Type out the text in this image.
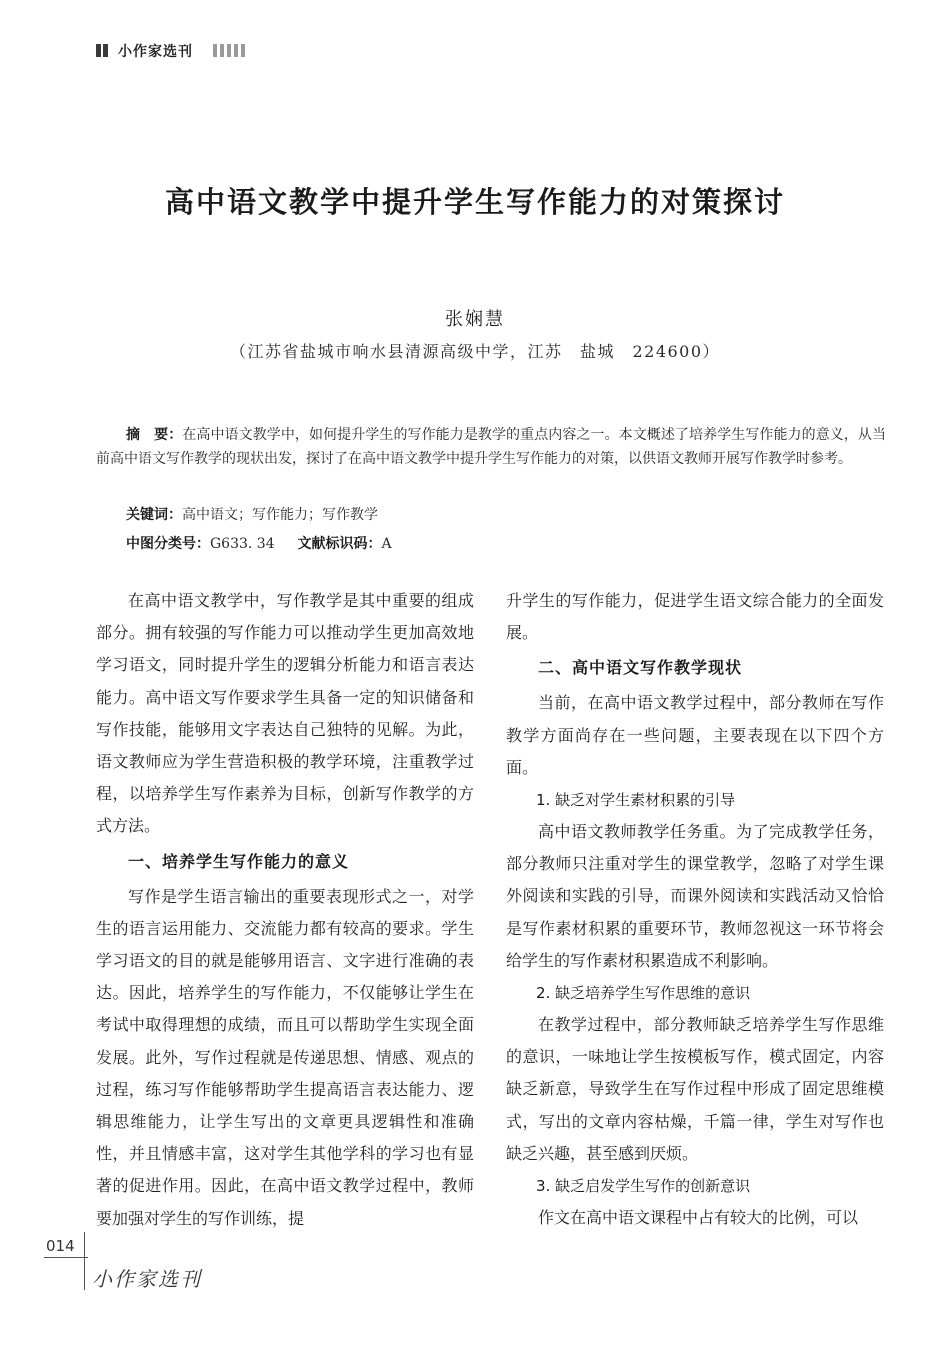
小作家选刊
高中语文教学中提升学生写作能力的对策探讨
张娴慧
（江苏省盐城市响水县清源高级中学，江苏　盐城　224600）
摘　要：在高中语文教学中，如何提升学生的写作能力是教学的重点内容之一。本文概述了培养学生写作能力的意义，从当前高中语文写作教学的现状出发，探讨了在高中语文教学中提升学生写作能力的对策，以供语文教师开展写作教学时参考。
关键词：高中语文；写作能力；写作教学
中图分类号：G633. 34 文献标识码：A

在高中语文教学中，写作教学是其中重要的组成部分。拥有较强的写作能力可以推动学生更加高效地学习语文，同时提升学生的逻辑分析能力和语言表达能力。高中语文写作要求学生具备一定的知识储备和写作技能，能够用文字表达自己独特的见解。为此，语文教师应为学生营造积极的教学环境，注重教学过程，以培养学生写作素养为目标，创新写作教学的方式方法。

一、培养学生写作能力的意义

写作是学生语言输出的重要表现形式之一，对学生的语言运用能力、交流能力都有较高的要求。学生学习语文的目的就是能够用语言、文字进行准确的表达。因此，培养学生的写作能力，不仅能够让学生在考试中取得理想的成绩，而且可以帮助学生实现全面发展。此外，写作过程就是传递思想、情感、观点的过程，练习写作能够帮助学生提高语言表达能力、逻辑思维能力，让学生写出的文章更具逻辑性和准确性，并且情感丰富，这对学生其他学科的学习也有显著的促进作用。因此，在高中语文教学过程中，教师要加强对学生的写作训练，提

升学生的写作能力，促进学生语文综合能力的全面发展。

二、高中语文写作教学现状

当前，在高中语文教学过程中，部分教师在写作教学方面尚存在一些问题，主要表现在以下四个方面。

1. 缺乏对学生素材积累的引导

高中语文教师教学任务重。为了完成教学任务，部分教师只注重对学生的课堂教学，忽略了对学生课外阅读和实践的引导，而课外阅读和实践活动又恰恰是写作素材积累的重要环节，教师忽视这一环节将会给学生的写作素材积累造成不利影响。

2. 缺乏培养学生写作思维的意识

在教学过程中，部分教师缺乏培养学生写作思维的意识，一味地让学生按模板写作，模式固定，内容缺乏新意，导致学生在写作过程中形成了固定思维模式，写出的文章内容枯燥，千篇一律，学生对写作也缺乏兴趣，甚至感到厌烦。

3. 缺乏启发学生写作的创新意识

作文在高中语文课程中占有较大的比例，可以

014
小作家选刊
